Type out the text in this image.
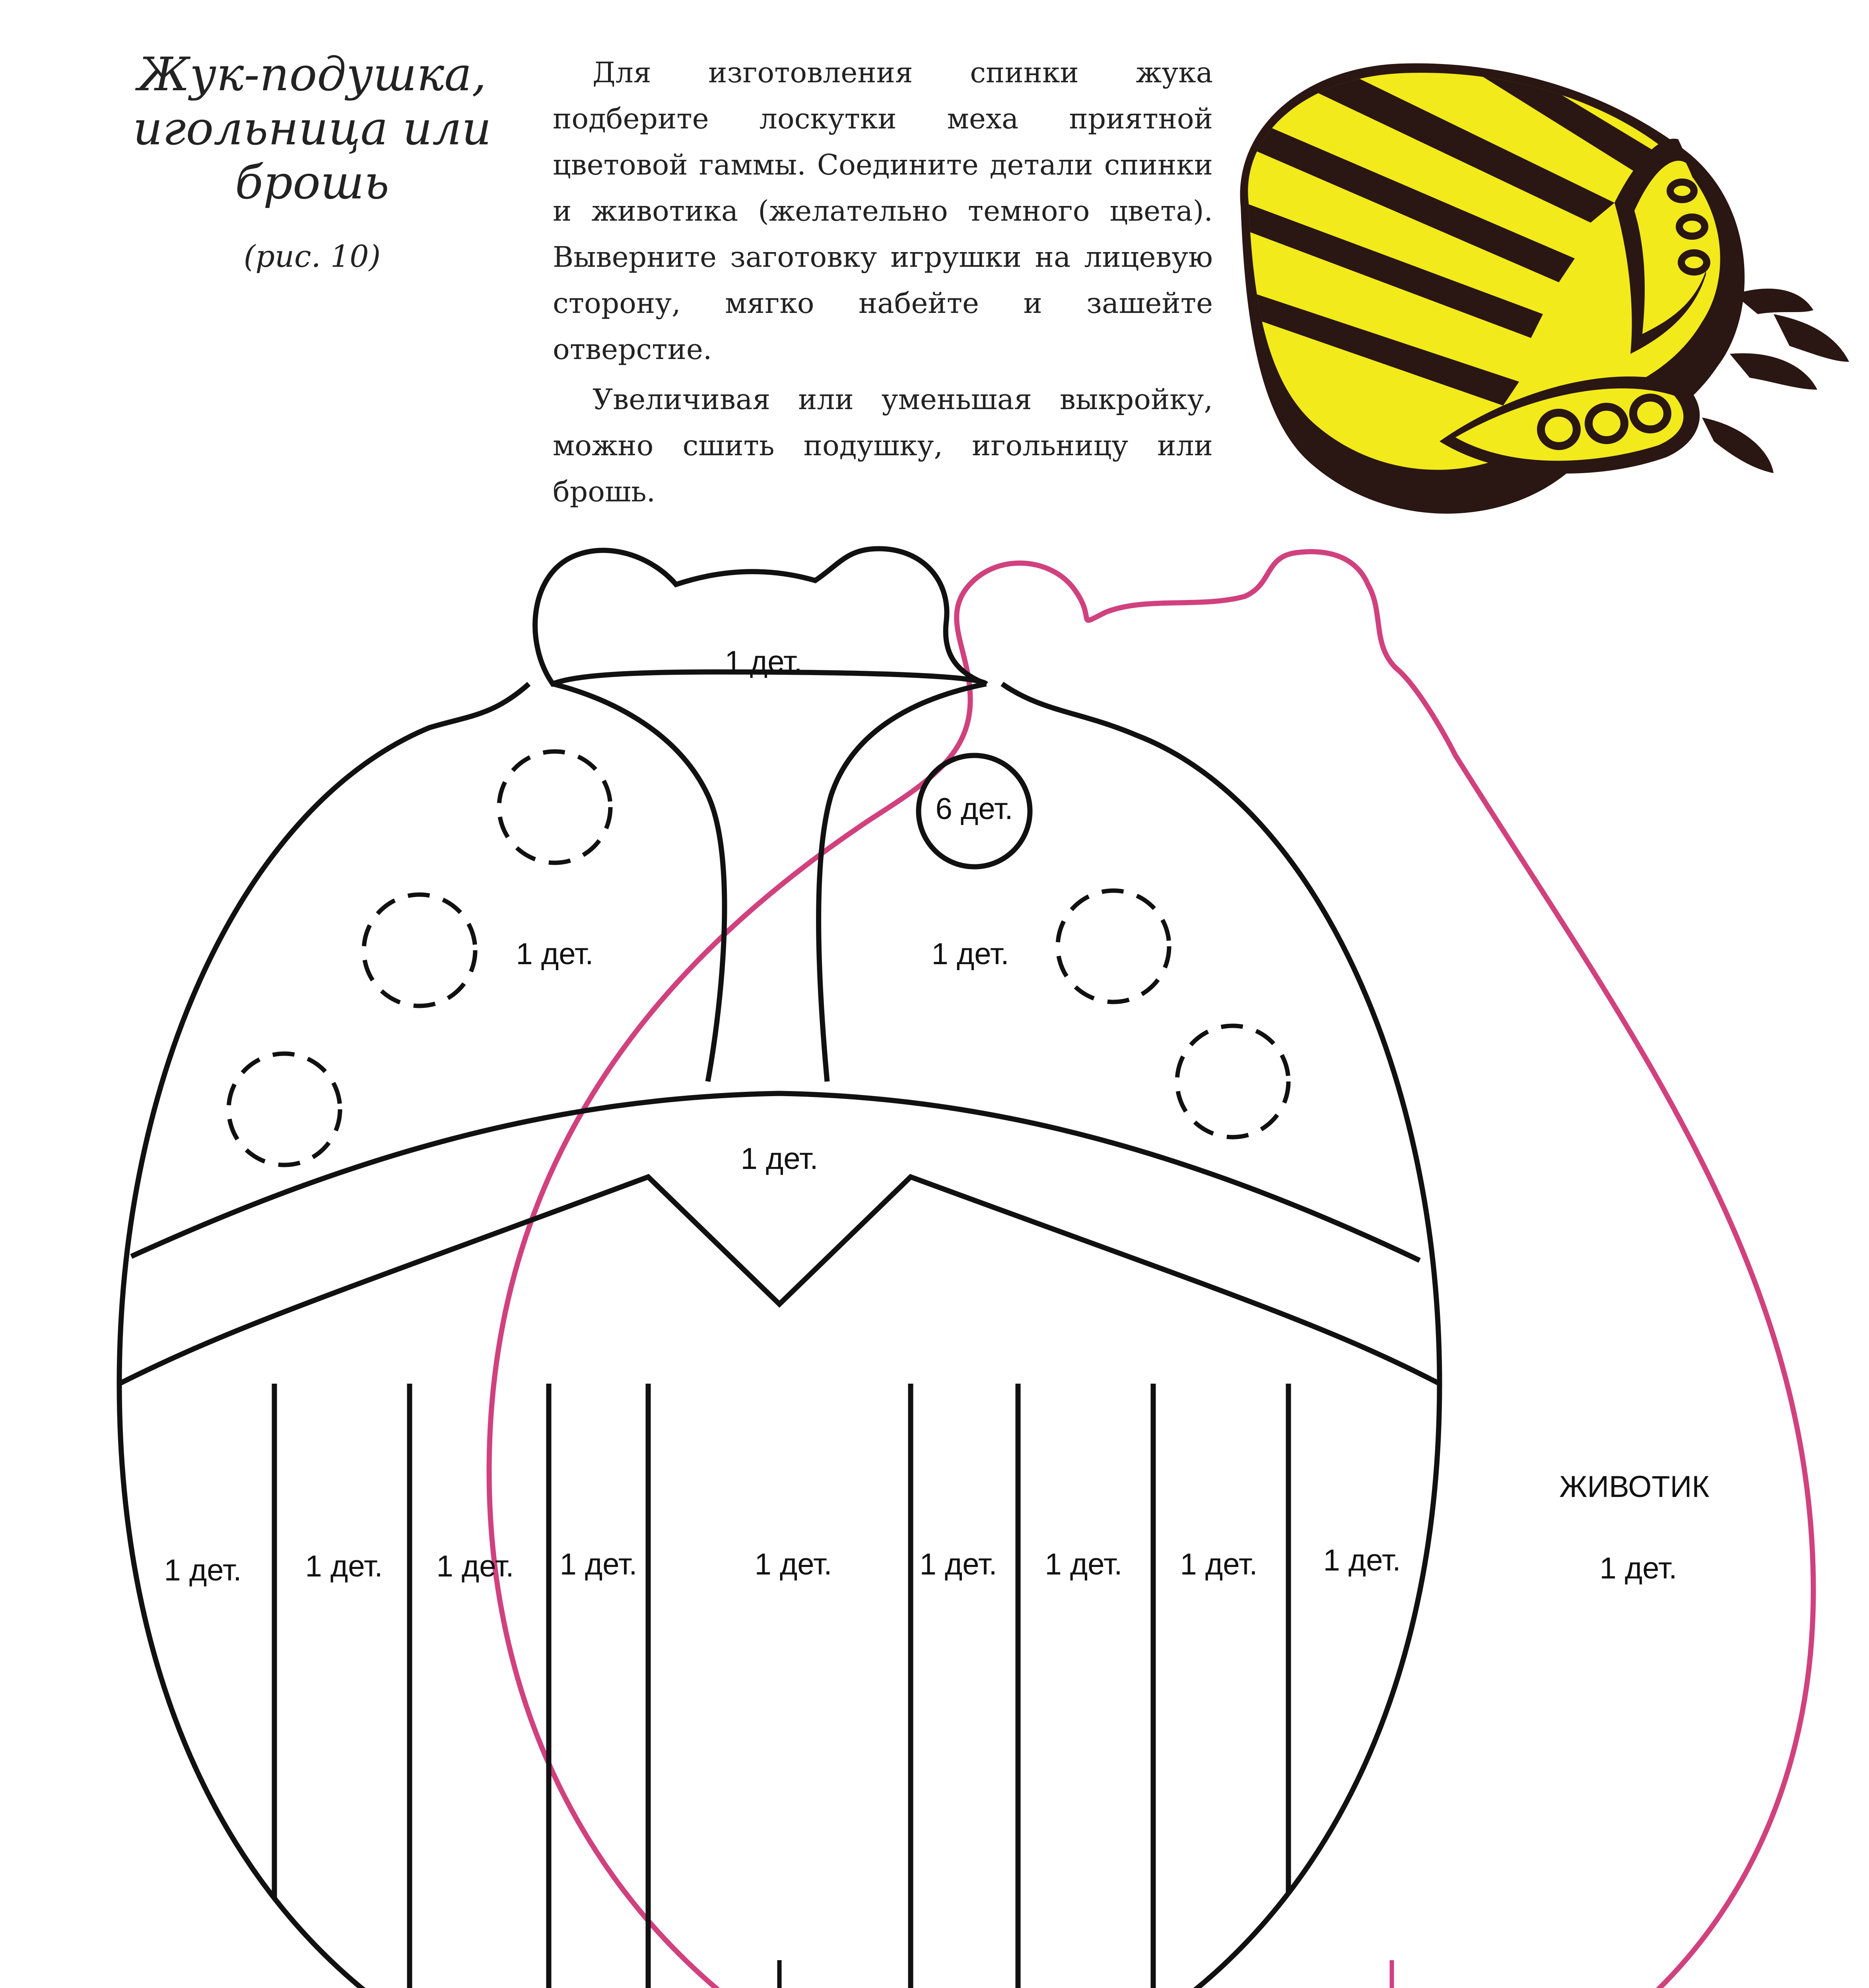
Жук-подушка,
игольница или
брошь
(рис. 10)

Для изготовления спинки жука подберите лоскутки меха приятной цветовой гаммы. Соедините детали спинки и животика (желательно темного цвета). Выверните заготовку игрушки на лицевую сторону, мягко набейте и зашейте отверстие.

Увеличивая или уменьшая выкройку, можно сшить подушку, игольницу или брошь.

1 дет.
1 дет.	1 дет.
6 дет.
1 дет.
1 дет. 1 дет. 1 дет. 1 дет.	1 дет.	1 дет. 1 дет. 1 дет. 1 дет.
ЖИВОТИК
1 дет.
